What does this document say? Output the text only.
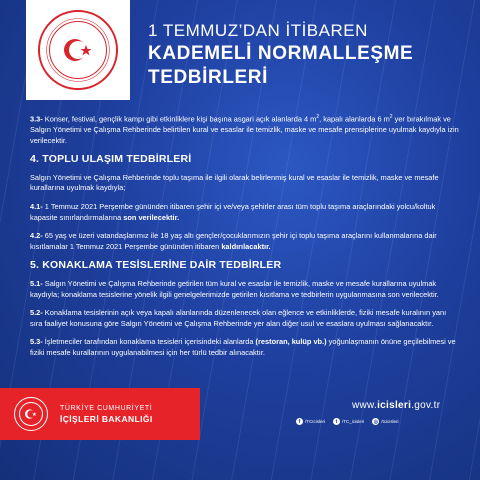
1 TEMMUZ’DAN İTİBAREN
KADEMELİ NORMALLEŞME
TEDBİRLERİ

3.3- Konser, festival, gençlik kampı gibi etkinliklere kişi başına asgari açık alanlarda 4 $m^2$, kapalı alanlarda 6 $m^2$ yer bırakılmak ve Salgın Yönetimi ve Çalışma Rehberinde belirtilen kural ve esaslar ile temizlik, maske ve mesafe prensiplerine uyulmak kaydıyla izin verilecektir.

4. TOPLU ULAŞIM TEDBİRLERİ

Salgın Yönetimi ve Çalışma Rehberinde toplu taşıma ile ilgili olarak belirlenmiş kural ve esaslar ile temizlik, maske ve mesafe kurallarına uyulmak kaydıyla;

4.1- 1 Temmuz 2021 Perşembe gününden itibaren şehir içi ve/veya şehirler arası tüm toplu taşıma araçlarındaki yolcu/koltuk kapasite sınırlandırmalarına son verilecektir.

4.2- 65 yaş ve üzeri vatandaşlarımız ile 18 yaş altı gençler/çocuklarımızın şehir içi toplu taşıma araçlarını kullanmalarına dair kısıtlamalar 1 Temmuz 2021 Perşembe gününden itibaren kaldırılacaktır.

5. KONAKLAMA TESİSLERİNE DAİR TEDBİRLER

5.1- Salgın Yönetimi ve Çalışma Rehberinde getirilen tüm kural ve esaslar ile temizlik, maske ve mesafe kurallarına uyulmak kaydıyla; konaklama tesislerine yönelik ilgili genelgelerimizde getirilen kısıtlama ve tedbirlerin uygulanmasına son verilecektir.

5.2- Konaklama tesislerinin açık veya kapalı alanlarında düzenlenecek olan eğlence ve etkinliklerde, fiziki mesafe kuralının yanı sıra faaliyet konusuna göre Salgın Yönetimi ve Çalışma Rehberinde yer alan diğer usul ve esaslara uyulması sağlanacaktır.

5.3- İşletmeciler tarafından konaklama tesisleri içerisindeki alanlarda (restoran, kulüp vb.) yoğunlaşmanın önüne geçilebilmesi ve fiziki mesafe kurallarının uygulanabilmesi için her türlü tedbir alınacaktır.

TÜRKİYE CUMHURİYETİ
İÇİŞLERİ BAKANLIĞI
www.icisleri.gov.tr
f	/TCIcisleri	t	/TC_icisleri ◎ /tcicisleri
